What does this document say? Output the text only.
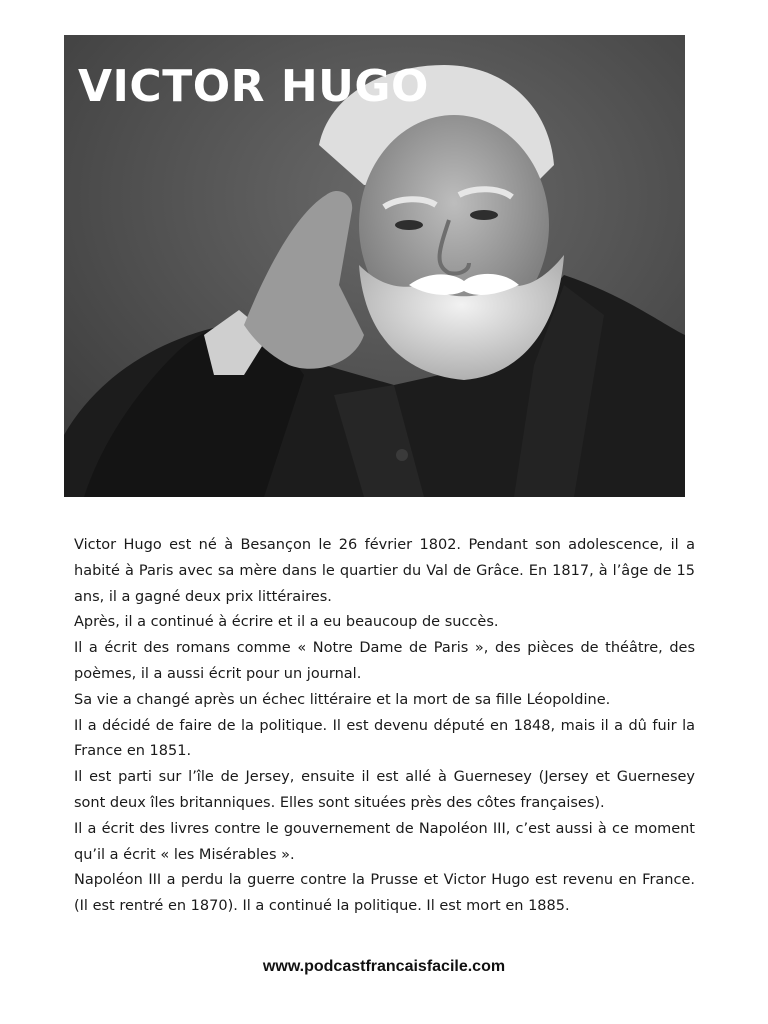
VICTOR HUGO

Victor Hugo est né à Besançon le 26 février 1802. Pendant son adolescence, il a habité à Paris avec sa mère dans le quartier du Val de Grâce. En 1817, à l’âge de 15 ans, il a gagné deux prix littéraires.

Après, il a continué à écrire et il a eu beaucoup de succès.

Il a écrit des romans comme « Notre Dame de Paris », des pièces de théâtre, des poèmes, il a aussi écrit pour un journal.

Sa vie a changé après un échec littéraire et la mort de sa fille Léopoldine.

Il a décidé de faire de la politique. Il est devenu député en 1848, mais il a dû fuir la France en 1851.

Il est parti sur l’île de Jersey, ensuite il est allé à Guernesey (Jersey et Guernesey sont deux îles britanniques. Elles sont situées près des côtes françaises).

Il a écrit des livres contre le gouvernement de Napoléon III, c’est aussi à ce moment qu’il a écrit « les Misérables ».

Napoléon III a perdu la guerre contre la Prusse et Victor Hugo est revenu en France. (Il est rentré en 1870). Il a continué la politique. Il est mort en 1885.

www.podcastfrancaisfacile.com
